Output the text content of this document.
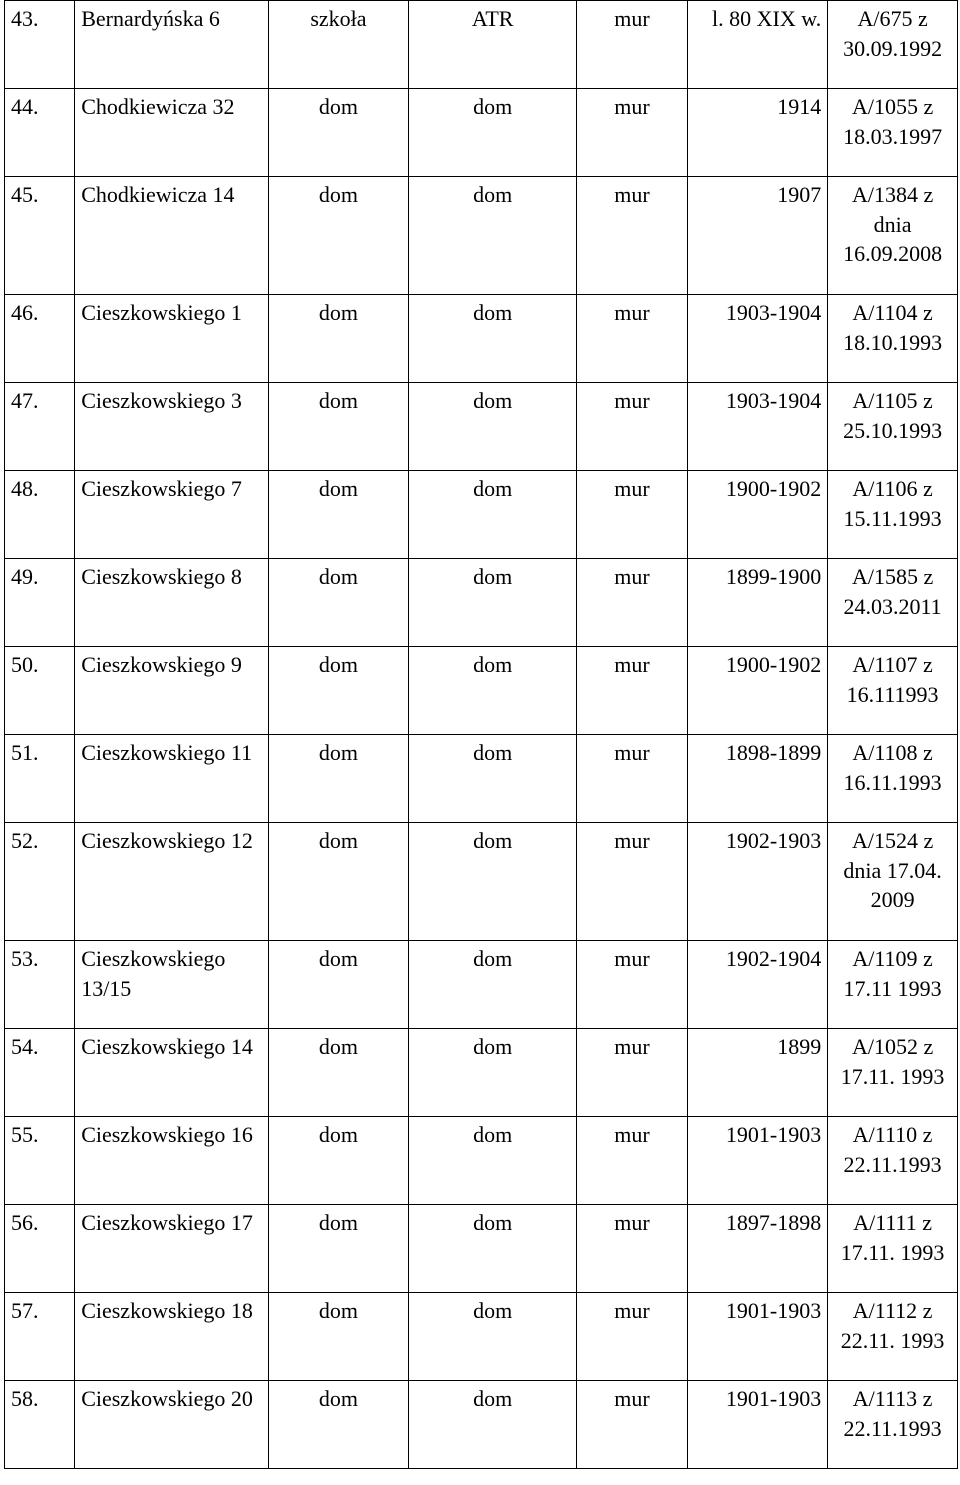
43.	Bernardyńska 6	szkoła	ATR	mur	l. 80 XIX w.	A/675 z 30.09.1992
44.	Chodkiewicza 32	dom	dom	mur	1914	A/1055 z 18.03.1997
45.	Chodkiewicza 14	dom	dom	mur	1907	A/1384 z dnia 16.09.2008
46.	Cieszkowskiego 1	dom	dom	mur	1903-1904	A/1104 z 18.10.1993
47.	Cieszkowskiego 3	dom	dom	mur	1903-1904	A/1105 z 25.10.1993
48.	Cieszkowskiego 7	dom	dom	mur	1900-1902	A/1106 z 15.11.1993
49.	Cieszkowskiego 8	dom	dom	mur	1899-1900	A/1585 z 24.03.2011
50.	Cieszkowskiego 9	dom	dom	mur	1900-1902	A/1107 z 16.111993
51.	Cieszkowskiego 11	dom	dom	mur	1898-1899	A/1108 z 16.11.1993
52.	Cieszkowskiego 12	dom	dom	mur	1902-1903	A/1524 z dnia 17.04. 2009
53.	Cieszkowskiego 13/15	dom	dom	mur	1902-1904	A/1109 z 17.11 1993
54.	Cieszkowskiego 14	dom	dom	mur	1899	A/1052 z 17.11. 1993
55.	Cieszkowskiego 16	dom	dom	mur	1901-1903	A/1110 z 22.11.1993
56.	Cieszkowskiego 17	dom	dom	mur	1897-1898	A/1111 z 17.11. 1993
57.	Cieszkowskiego 18	dom	dom	mur	1901-1903	A/1112 z 22.11. 1993
58.	Cieszkowskiego 20	dom	dom	mur	1901-1903	A/1113 z 22.11.1993
